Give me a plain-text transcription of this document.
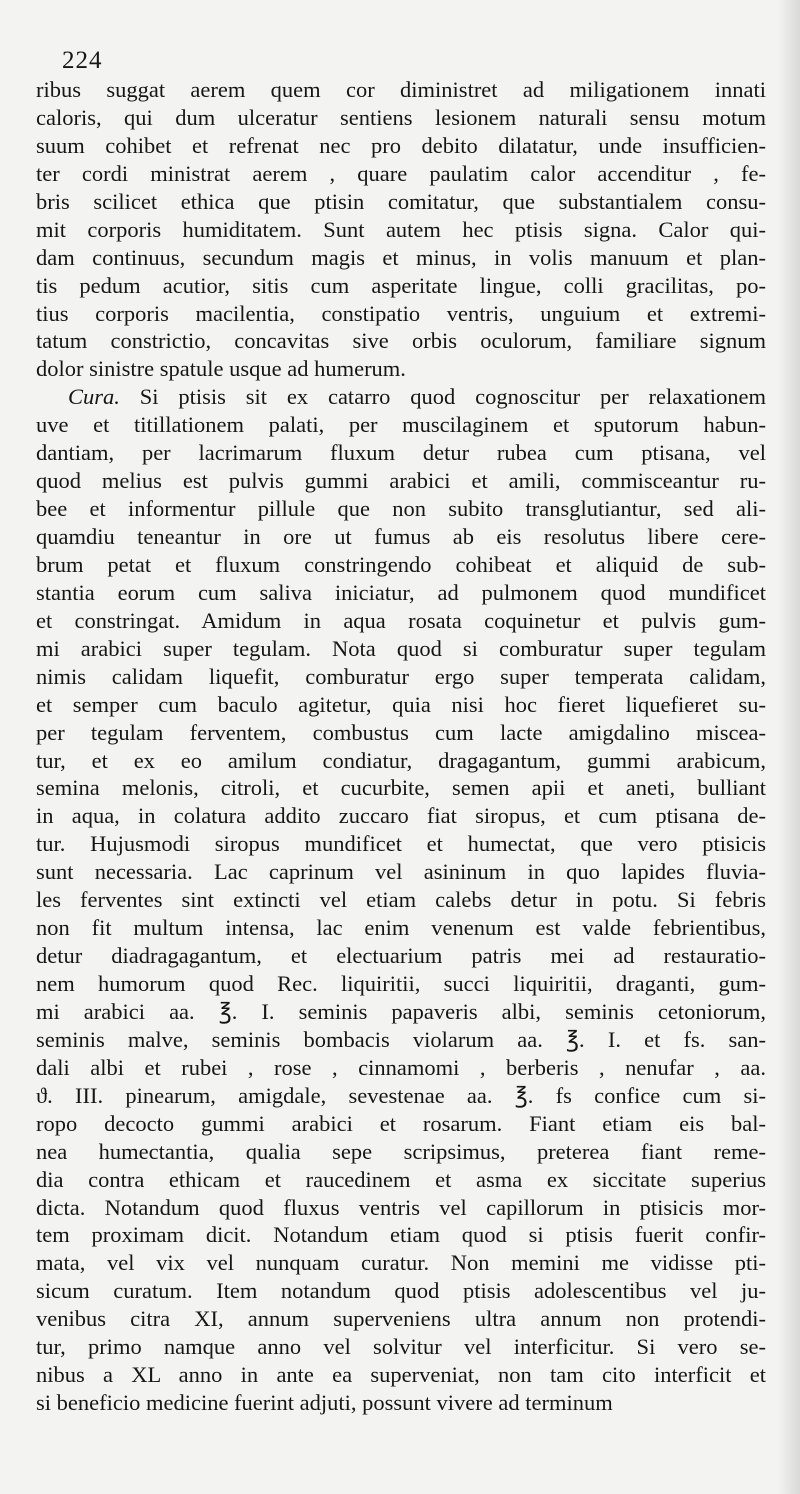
224
ribus suggat aerem quem cor diministret ad miligationem innati
caloris, qui dum ulceratur sentiens lesionem naturali sensu motum
suum cohibet et refrenat nec pro debito dilatatur, unde insufficien-
ter cordi ministrat aerem , quare paulatim calor accenditur , fe-
bris scilicet ethica que ptisin comitatur, que substantialem consu-
mit corporis humiditatem. Sunt autem hec ptisis signa. Calor qui-
dam continuus, secundum magis et minus, in volis manuum et plan-
tis pedum acutior, sitis cum asperitate lingue, colli gracilitas, po-
tius corporis macilentia, constipatio ventris, unguium et extremi-
tatum constrictio, concavitas sive orbis oculorum, familiare signum
dolor sinistre spatule usque ad humerum.
Cura. Si ptisis sit ex catarro quod cognoscitur per relaxationem
uve et titillationem palati, per muscilaginem et sputorum habun-
dantiam, per lacrimarum fluxum detur rubea cum ptisana, vel
quod melius est pulvis gummi arabici et amili, commisceantur ru-
bee et informentur pillule que non subito transglutiantur, sed ali-
quamdiu teneantur in ore ut fumus ab eis resolutus libere cere-
brum petat et fluxum constringendo cohibeat et aliquid de sub-
stantia eorum cum saliva iniciatur, ad pulmonem quod mundificet
et constringat. Amidum in aqua rosata coquinetur et pulvis gum-
mi arabici super tegulam. Nota quod si comburatur super tegulam
nimis calidam liquefit, comburatur ergo super temperata calidam,
et semper cum baculo agitetur, quia nisi hoc fieret liquefieret su-
per tegulam ferventem, combustus cum lacte amigdalino miscea-
tur, et ex eo amilum condiatur, dragagantum, gummi arabicum,
semina melonis, citroli, et cucurbite, semen apii et aneti, bulliant
in aqua, in colatura addito zuccaro fiat siropus, et cum ptisana de-
tur. Hujusmodi siropus mundificet et humectat, que vero ptisicis
sunt necessaria. Lac caprinum vel asininum in quo lapides fluvia-
les ferventes sint extincti vel etiam calebs detur in potu. Si febris
non fit multum intensa, lac enim venenum est valde febrientibus,
detur diadragagantum, et electuarium patris mei ad restauratio-
nem humorum quod Rec. liquiritii, succi liquiritii, draganti, gum-
mi arabici aa. ℥. I. seminis papaveris albi, seminis cetoniorum,
seminis malve, seminis bombacis violarum aa. ℥. I. et fs. san-
dali albi et rubei , rose , cinnamomi , berberis , nenufar , aa.
ϑ. III. pinearum, amigdale, sevestenae aa. ℥. fs confice cum si-
ropo decocto gummi arabici et rosarum. Fiant etiam eis bal-
nea humectantia, qualia sepe scripsimus, preterea fiant reme-
dia contra ethicam et raucedinem et asma ex siccitate superius
dicta. Notandum quod fluxus ventris vel capillorum in ptisicis mor-
tem proximam dicit. Notandum etiam quod si ptisis fuerit confir-
mata, vel vix vel nunquam curatur. Non memini me vidisse pti-
sicum curatum. Item notandum quod ptisis adolescentibus vel ju-
venibus citra XI, annum superveniens ultra annum non protendi-
tur, primo namque anno vel solvitur vel interficitur. Si vero se-
nibus a XL anno in ante ea superveniat, non tam cito interficit et
si beneficio medicine fuerint adjuti, possunt vivere ad terminum
